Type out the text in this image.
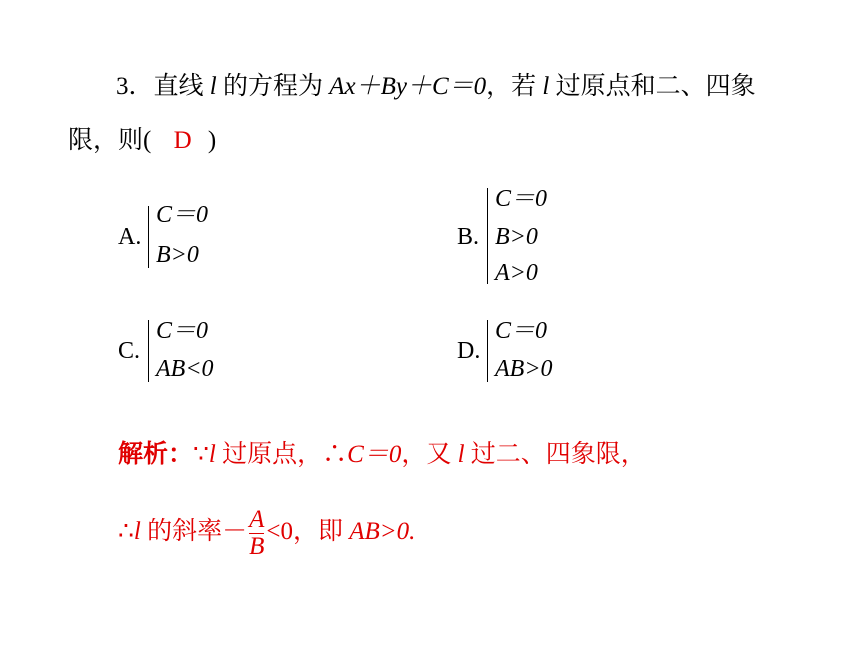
3．直线 l 的方程为 Ax＋By＋C＝0，若 l 过原点和二、四象
限，则( D )
A.
C＝0
B>0
B.
C＝0
B>0
A>0
C.
C＝0
AB<0
D.
C＝0
AB>0
解析：∵l 过原点，∴C＝0，又 l 过二、四象限，
∴l 的斜率－ $\frac{A}{B} <0$，即 AB>0.
